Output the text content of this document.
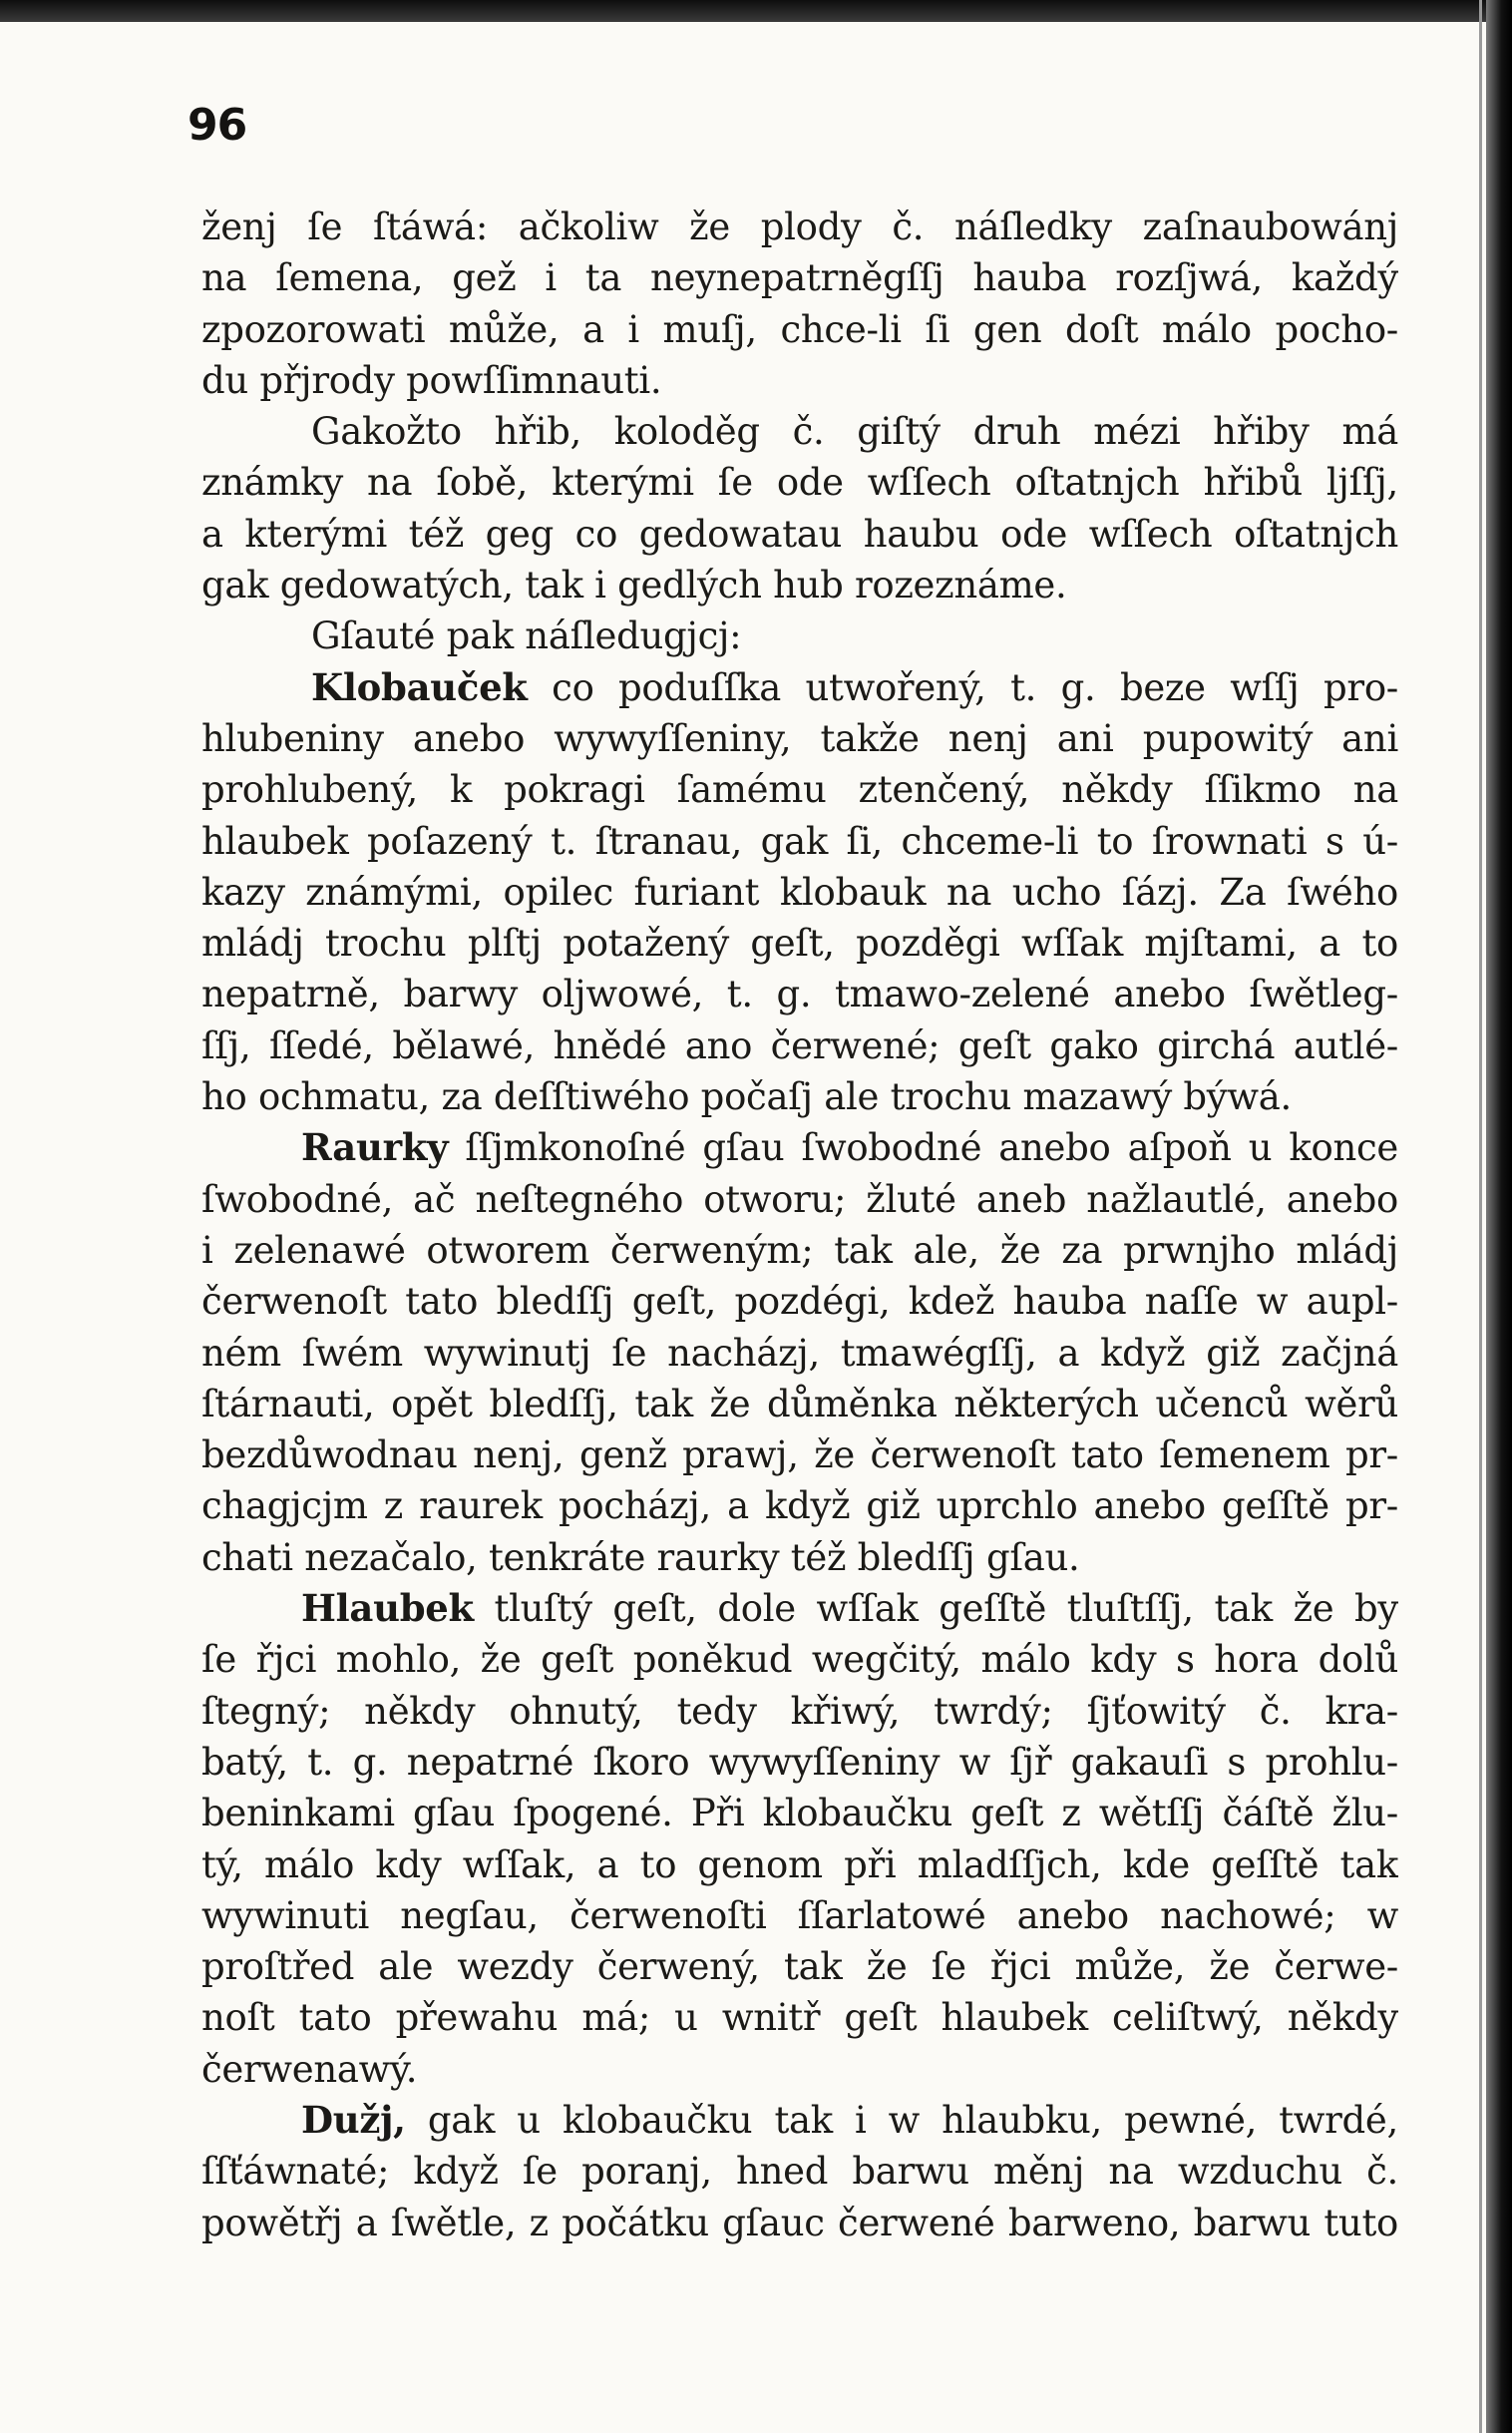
96
ženj ſe ſtáwá: ačkoliw že plody č. náſledky zaſnaubowánj
na ſemena, gež i ta neynepatrněgſſj hauba rozſjwá, každý
zpozorowati může, a i muſj, chce-li ſi gen doſt málo pocho-
du přjrody powſſimnauti.
Gakožto hřib, koloděg č. giſtý druh mézi hřiby má
známky na ſobě, kterými ſe ode wſſech oſtatnjch hřibů ljſſj,
a kterými též geg co gedowatau haubu ode wſſech oſtatnjch
gak gedowatých, tak i gedlých hub rozeznáme.
Gſauté pak náſledugjcj:
Klobauček co poduſſka utwořený, t. g. beze wſſj pro-
hlubeniny anebo wywyſſeniny, takže nenj ani pupowitý ani
prohlubený, k pokragi ſamému ztenčený, někdy ſſikmo na
hlaubek poſazený t. ſtranau, gak ſi, chceme-li to ſrownati s ú-
kazy známými, opilec furiant klobauk na ucho ſázj. Za ſwého
mládj trochu plſtj potažený geſt, pozděgi wſſak mjſtami, a to
nepatrně, barwy oljwowé, t. g. tmawo-zelené anebo ſwětleg-
ſſj, ſſedé, bělawé, hnědé ano čerwené; geſt gako girchá autlé-
ho ochmatu, za deſſtiwého počaſj ale trochu mazawý býwá.
Raurky ſſjmkonoſné gſau ſwobodné anebo aſpoň u konce
ſwobodné, ač neſtegného otworu; žluté aneb nažlautlé, anebo
i zelenawé otworem čerweným; tak ale, že za prwnjho mládj
čerwenoſt tato bledſſj geſt, pozdégi, kdež hauba naſſe w aupl-
ném ſwém wywinutj ſe nacházj, tmawégſſj, a když giž začjná
ſtárnauti, opět bledſſj, tak že důměnka některých učenců wěrů
bezdůwodnau nenj, genž prawj, že čerwenoſt tato ſemenem pr-
chagjcjm z raurek pocházj, a když giž uprchlo anebo geſſtě pr-
chati nezačalo, tenkráte raurky též bledſſj gſau.
Hlaubek tluſtý geſt, dole wſſak geſſtě tluſtſſj, tak že by
ſe řjci mohlo, že geſt poněkud wegčitý, málo kdy s hora dolů
ſtegný; někdy ohnutý, tedy křiwý, twrdý; ſjťowitý č. kra-
batý, t. g. nepatrné ſkoro wywyſſeniny w ſjř gakauſi s prohlu-
beninkami gſau ſpogené. Při klobaučku geſt z wětſſj čáſtě žlu-
tý, málo kdy wſſak, a to genom při mladſſjch, kde geſſtě tak
wywinuti negſau, čerwenoſti ſſarlatowé anebo nachowé; w
proſtřed ale wezdy čerwený, tak že ſe řjci může, že čerwe-
noſt tato přewahu má; u wnitř geſt hlaubek celiſtwý, někdy
čerwenawý.
Dužj, gak u klobaučku tak i w hlaubku, pewné, twrdé,
ſſťáwnaté; když ſe poranj, hned barwu měnj na wzduchu č.
powětřj a ſwětle, z počátku gſauc čerwené barweno, barwu tuto
